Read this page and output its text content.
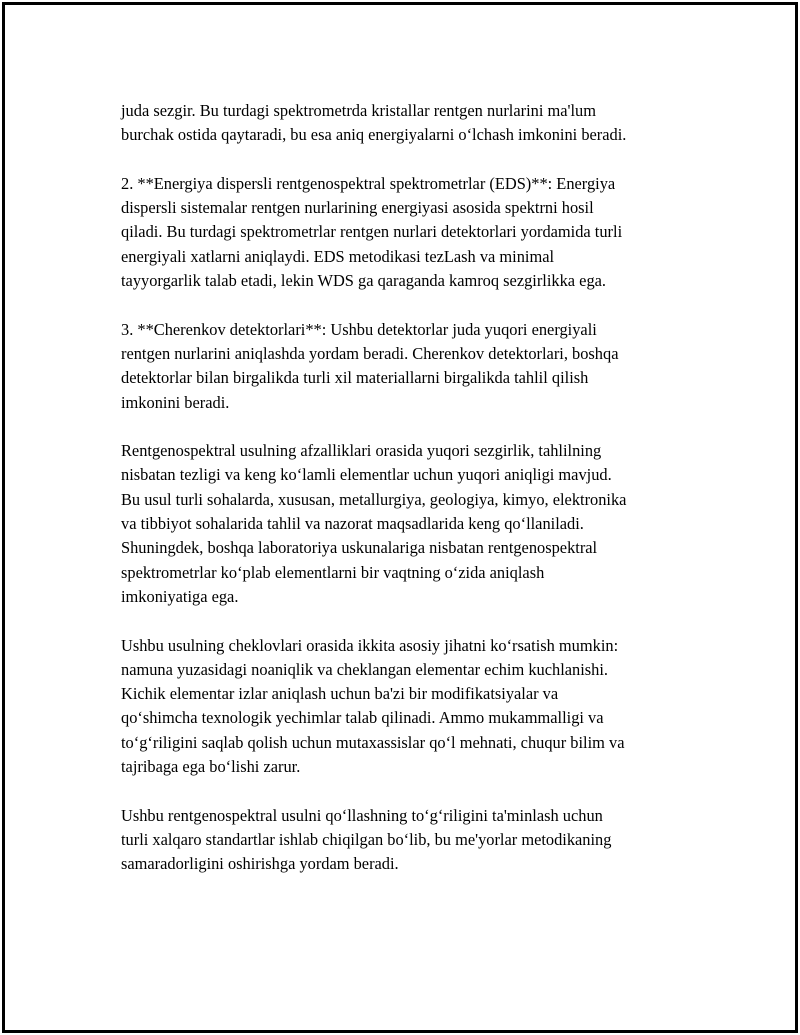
juda sezgir. Bu turdagi spektrometrda kristallar rentgen nurlarini ma'lum
burchak ostida qaytaradi, bu esa aniq energiyalarni o‘lchash imkonini beradi.

2. **Energiya dispersli rentgenospektral spektrometrlar (EDS)**: Energiya
dispersli sistemalar rentgen nurlarining energiyasi asosida spektrni hosil
qiladi. Bu turdagi spektrometrlar rentgen nurlari detektorlari yordamida turli
energiyali xatlarni aniqlaydi. EDS metodikasi tezLash va minimal
tayyorgarlik talab etadi, lekin WDS ga qaraganda kamroq sezgirlikka ega.

3. **Cherenkov detektorlari**: Ushbu detektorlar juda yuqori energiyali
rentgen nurlarini aniqlashda yordam beradi. Cherenkov detektorlari, boshqa
detektorlar bilan birgalikda turli xil materiallarni birgalikda tahlil qilish
imkonini beradi.

Rentgenospektral usulning afzalliklari orasida yuqori sezgirlik, tahlilning
nisbatan tezligi va keng ko‘lamli elementlar uchun yuqori aniqligi mavjud.
Bu usul turli sohalarda, xususan, metallurgiya, geologiya, kimyo, elektronika
va tibbiyot sohalarida tahlil va nazorat maqsadlarida keng qo‘llaniladi.
Shuningdek, boshqa laboratoriya uskunalariga nisbatan rentgenospektral
spektrometrlar ko‘plab elementlarni bir vaqtning o‘zida aniqlash
imkoniyatiga ega.

Ushbu usulning cheklovlari orasida ikkita asosiy jihatni ko‘rsatish mumkin:
namuna yuzasidagi noaniqlik va cheklangan elementar echim kuchlanishi.
Kichik elementar izlar aniqlash uchun ba'zi bir modifikatsiyalar va
qo‘shimcha texnologik yechimlar talab qilinadi. Ammo mukammalligi va
to‘g‘riligini saqlab qolish uchun mutaxassislar qo‘l mehnati, chuqur bilim va
tajribaga ega bo‘lishi zarur.

Ushbu rentgenospektral usulni qo‘llashning to‘g‘riligini ta'minlash uchun
turli xalqaro standartlar ishlab chiqilgan bo‘lib, bu me'yorlar metodikaning
samaradorligini oshirishga yordam beradi.
